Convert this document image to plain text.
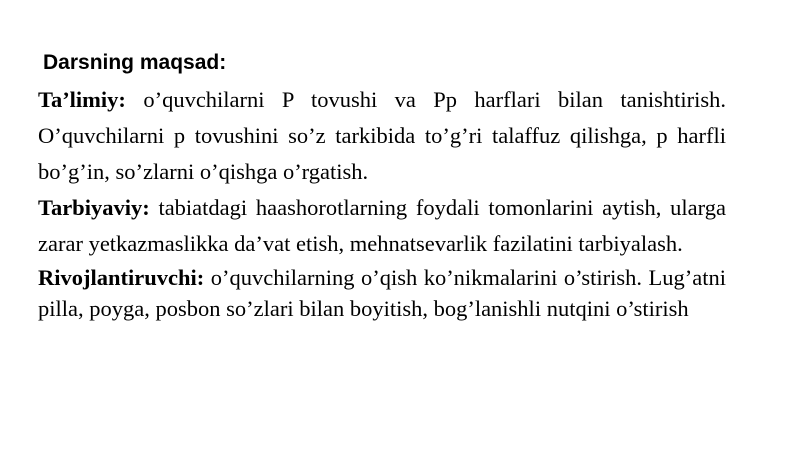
Darsning maqsad:

Ta’limiy: o’quvchilarni P tovushi va Pp harflari bilan tanishtirish. O’quvchilarni p tovushini so’z tarkibida to’g’ri talaffuz qilishga, p harfli bo’g’in, so’zlarni o’qishga o’rgatish.

Tarbiyaviy: tabiatdagi haashorotlarning foydali tomonlarini aytish, ularga zarar yetkazmaslikka da’vat etish, mehnatsevarlik fazilatini tarbiyalash.

Rivojlantiruvchi: o’quvchilarning o’qish ko’nikmalarini o’stirish. Lug’atni pilla, poyga, posbon so’zlari bilan boyitish, bog’lanishli nutqini o’stirish
